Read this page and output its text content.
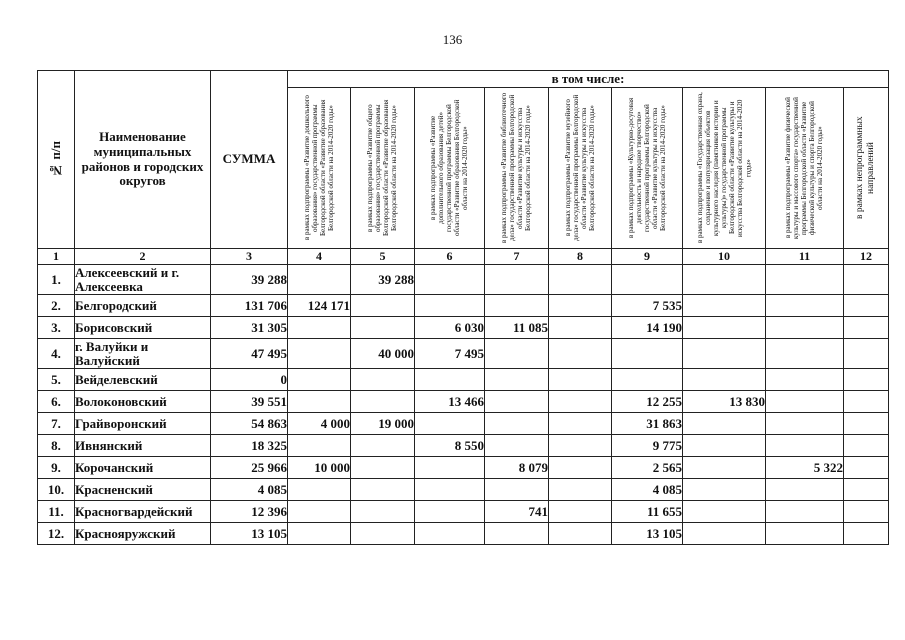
136
№ п/п	Наименование муниципальных районов и городских округов	СУММА	в том числе:								

			в рамках подпрограммы «Развитие дошкольного образования» государственной программы Белгородской области «Развитие образования Белгородской области на 2014-2020 годы»	в рамках подпрограммы «Развитие общего образования» государственной программы Белгородской области «Развитие образования Белгородской области на 2014-2020 годы»	в рамках подпрограммы «Развитие дополнительного образования детей» государственной программы Белгородской области «Развитие образования Белгородской области на 2014-2020 годы»	в рамках подпрограммы «Развитие библиотечного дела» государственной программы Белгородской области «Развитие культуры и искусства Белгородской области на 2014-2020 годы»	в рамках подпрограммы «Развитие музейного дела» государственной программы Белгородской области «Развитие культуры и искусства Белгородской области на 2014-2020 годы»	в рамках подпрограммы «Культурно-досуговая деятельность и народное творчество» государственной программы Белгородской области «Развитие культуры и искусства Белгородской области на 2014-2020 годы»	в рамках подпрограммы «Государственная охрана, сохранение и популяризация объектов культурного наследия (памятников истории и культуры)» государственной программы Белгородской области «Развитие культуры и искусства Белгородской области на 2014-2020 годы»	в рамках подпрограммы «Развитие физической культуры и массового спорта» государственной программы Белгородской области «Развитие физической культуры и спорта Белгородской области на 2014-2020 годы»	в рамках непрограммных направлений

1	2	3	4	5	6	7	8	9	10	11	12
1.	Алексеевский и г. Алексеевка	39 288		39 288							
2.	Белгородский	131 706	124 171					7 535			
3.	Борисовский	31 305			6 030	11 085		14 190			
4.	г. Валуйки и Валуйский	47 495		40 000	7 495						
5.	Вейделевский	0									
6.	Волоконовский	39 551			13 466			12 255	13 830		
7.	Грайворонский	54 863	4 000	19 000				31 863			
8.	Ивнянский	18 325			8 550			9 775			
9.	Корочанский	25 966	10 000			8 079		2 565		5 322	
10.	Красненский	4 085						4 085			
11.	Красногвардейский	12 396				741		11 655			
12.	Краснояружский	13 105						13 105			
